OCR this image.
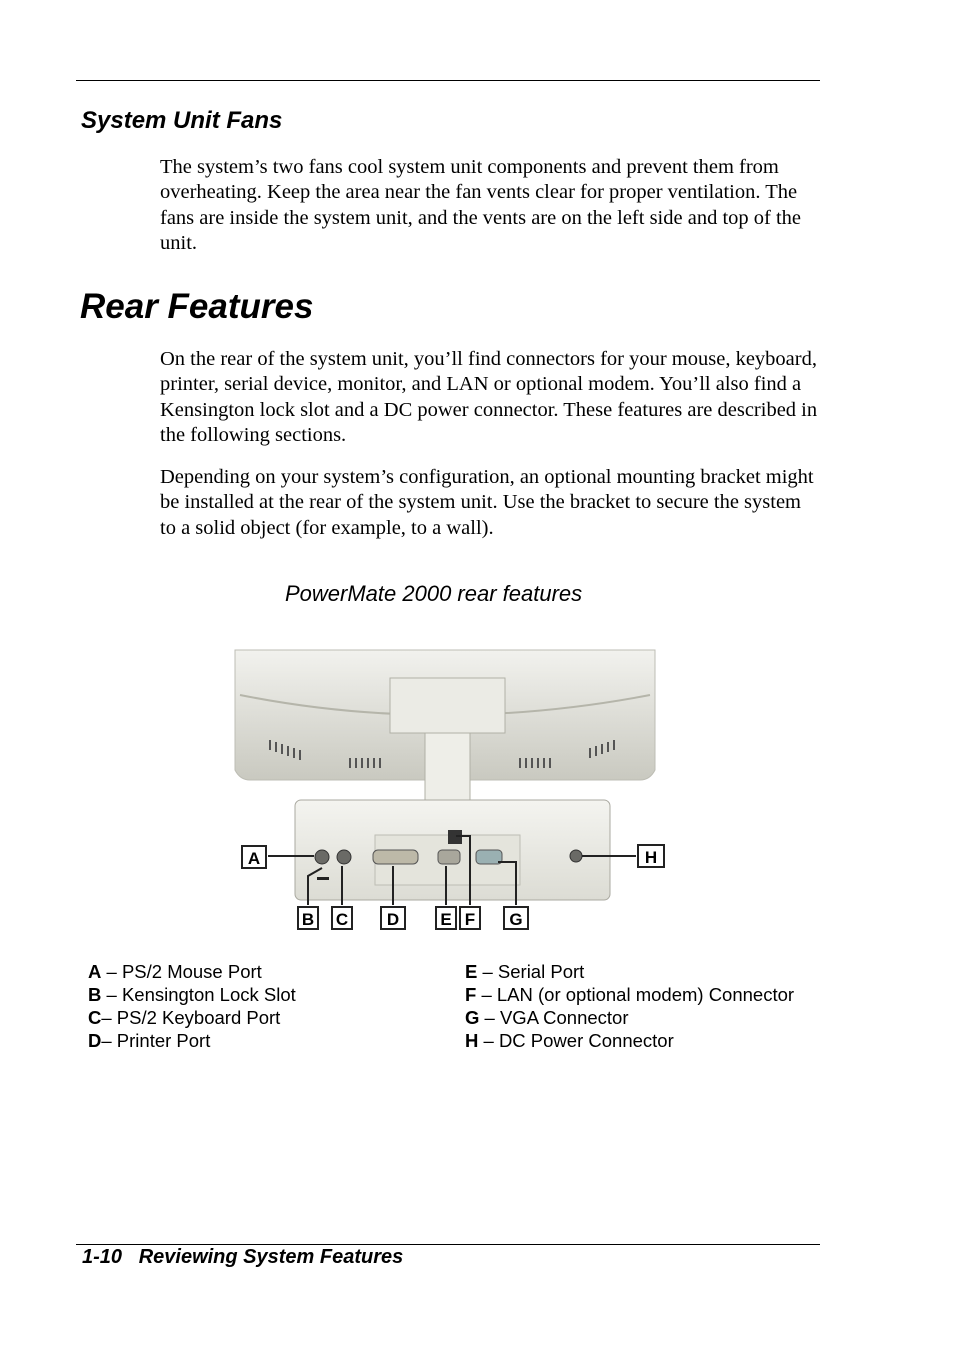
System Unit Fans

The system’s two fans cool system unit components and prevent them from overheating. Keep the area near the fan vents clear for proper ventilation. The fans are inside the system unit, and the vents are on the left side and top of the unit.

Rear Features

On the rear of the system unit, you’ll find connectors for your mouse, keyboard, printer, serial device, monitor, and LAN or optional modem. You’ll also find a Kensington lock slot and a DC power connector. These features are described in the following sections.

Depending on your system’s configuration, an optional mounting bracket might be installed at the rear of the system unit. Use the bracket to secure the system to a solid object (for example, to a wall).

PowerMate 2000 rear features

A
B C D E F G
H
A – PS/2 Mouse Port
B – Kensington Lock Slot
C– PS/2 Keyboard Port
D– Printer Port
E – Serial Port
F – LAN (or optional modem) Connector
G – VGA Connector
H – DC Power Connector

1-10   Reviewing System Features
